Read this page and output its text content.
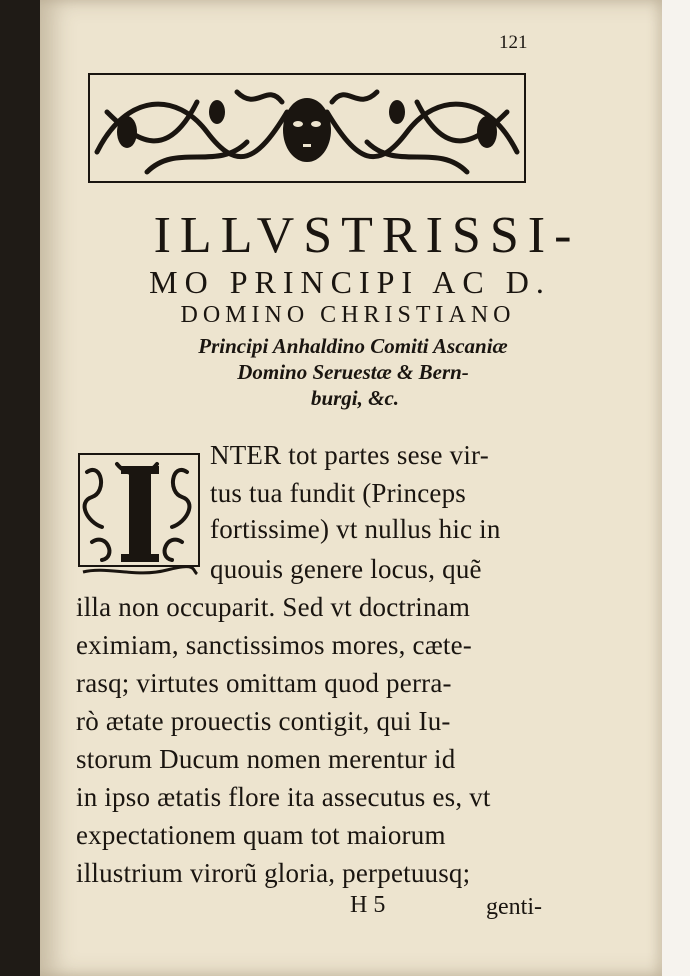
121
ILLVSTRISSI-
MO PRINCIPI AC D.
DOMINO CHRISTIANO
Principi Anhaldino Comiti Ascaniæ
Domino Seruestæ & Bern-
burgi, &c.
NTER tot partes sese vir-
tus tua fundit (Princeps
fortissime) vt nullus hic in
quouis genere locus, quẽ
illa non occuparit. Sed vt doctrinam
eximiam, sanctissimos mores, cæte-
rasq; virtutes omittam quod perra-
rò ætate prouectis contigit, qui Iu-
storum Ducum nomen merentur id
in ipso ætatis flore ita assecutus es, vt
expectationem quam tot maiorum
illustrium virorũ gloria, perpetuusq;
H 5	genti-
